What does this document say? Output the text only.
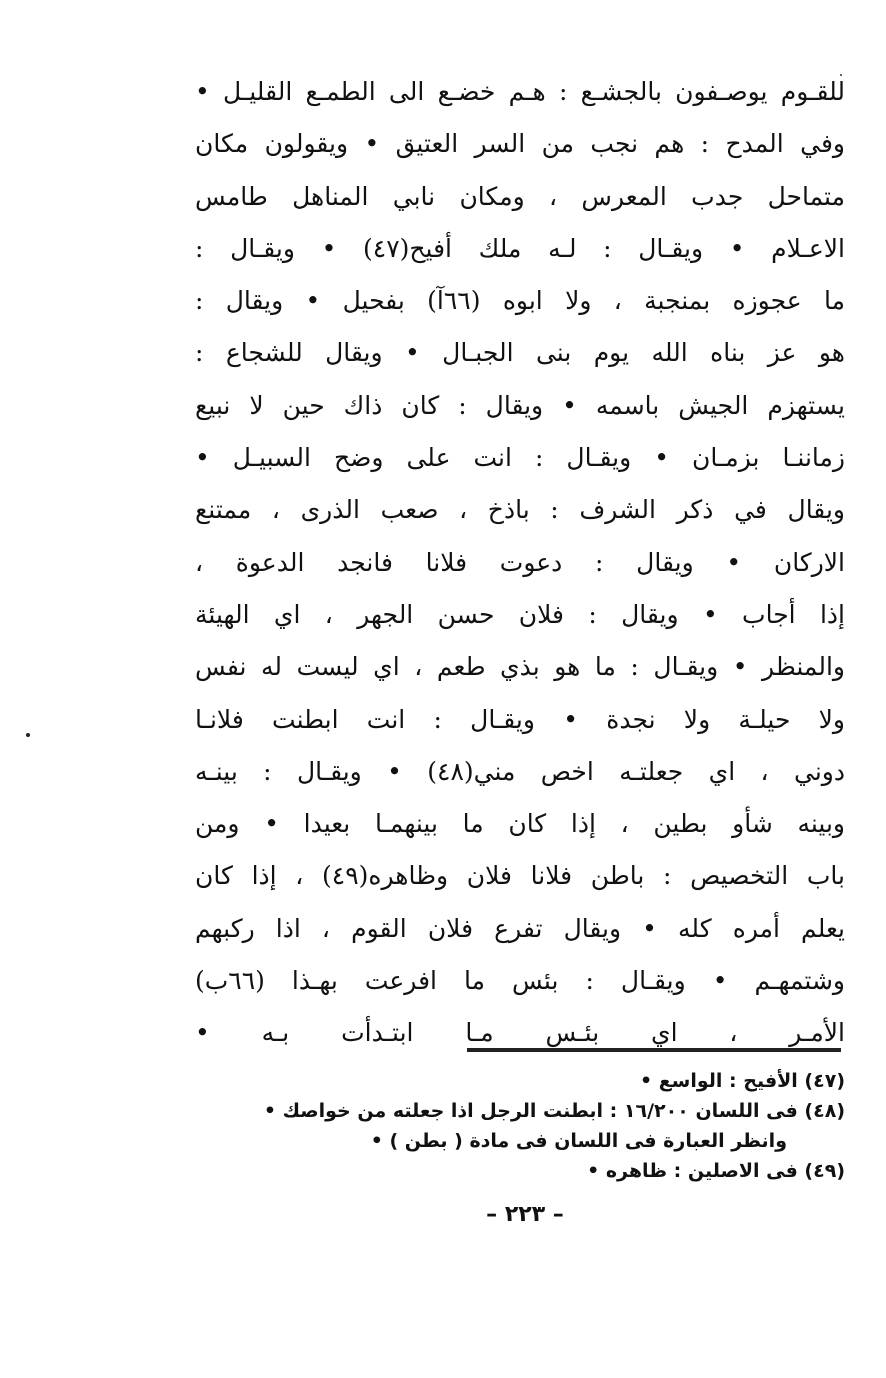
للقـوم يوصـفون بالجشـع : هـم خضـع الى الطمـع القليـل •
وفي المدح : هم نجب من السر العتيق • ويقولون مكان
متماحل جدب المعرس ، ومكان نابي المناهل طامس
الاعـلام • ويقـال : لـه ملك أفيح(٤٧) • ويقـال :
ما عجوزه بمنجبة ، ولا ابوه (٦٦آ) بفحيل • ويقال :
هو عز بناه الله يوم بنى الجبـال • ويقال للشجاع :
يستهزم الجيش باسمه • ويقال : كان ذاك حين لا نبيع
زماننـا بزمـان • ويقـال : انت على وضح السبيـل •
ويقال في ذكر الشرف : باذخ ، صعب الذرى ، ممتنع
الاركان • ويقال : دعوت فلانا فانجد الدعوة ،
إذا أجاب • ويقال : فلان حسن الجهر ، اي الهيئة
والمنظر • ويقـال : ما هو بذي طعم ، اي ليست له نفس
ولا حيلـة ولا نجدة • ويقـال : انت ابطنت فلانـا
دوني ، اي جعلتـه اخص مني(٤٨) • ويقـال : بينـه
وبينه شأو بطين ، إذا كان ما بينهمـا بعيدا • ومن
باب التخصيص : باطن فلانا فلان وظاهره(٤٩) ، إذا كان
يعلم أمره كله • ويقال تفرع فلان القوم ، اذا ركبهم
وشتمهـم • ويقـال : بئس ما افرعت بهـذا (٦٦ب)
الأمـر ، اي بئـس مـا ابتـدأت بـه •
(٤٧) الأفيح : الواسع •
(٤٨) فى اللسان ١٦/٢٠٠ : ابطنت الرجل اذا جعلته من خواصك •
وانظر العبارة فى اللسان فى مادة ( بطن ) •
(٤٩) فى الاصلين : ظاهره •
– ٢٢٣ –
